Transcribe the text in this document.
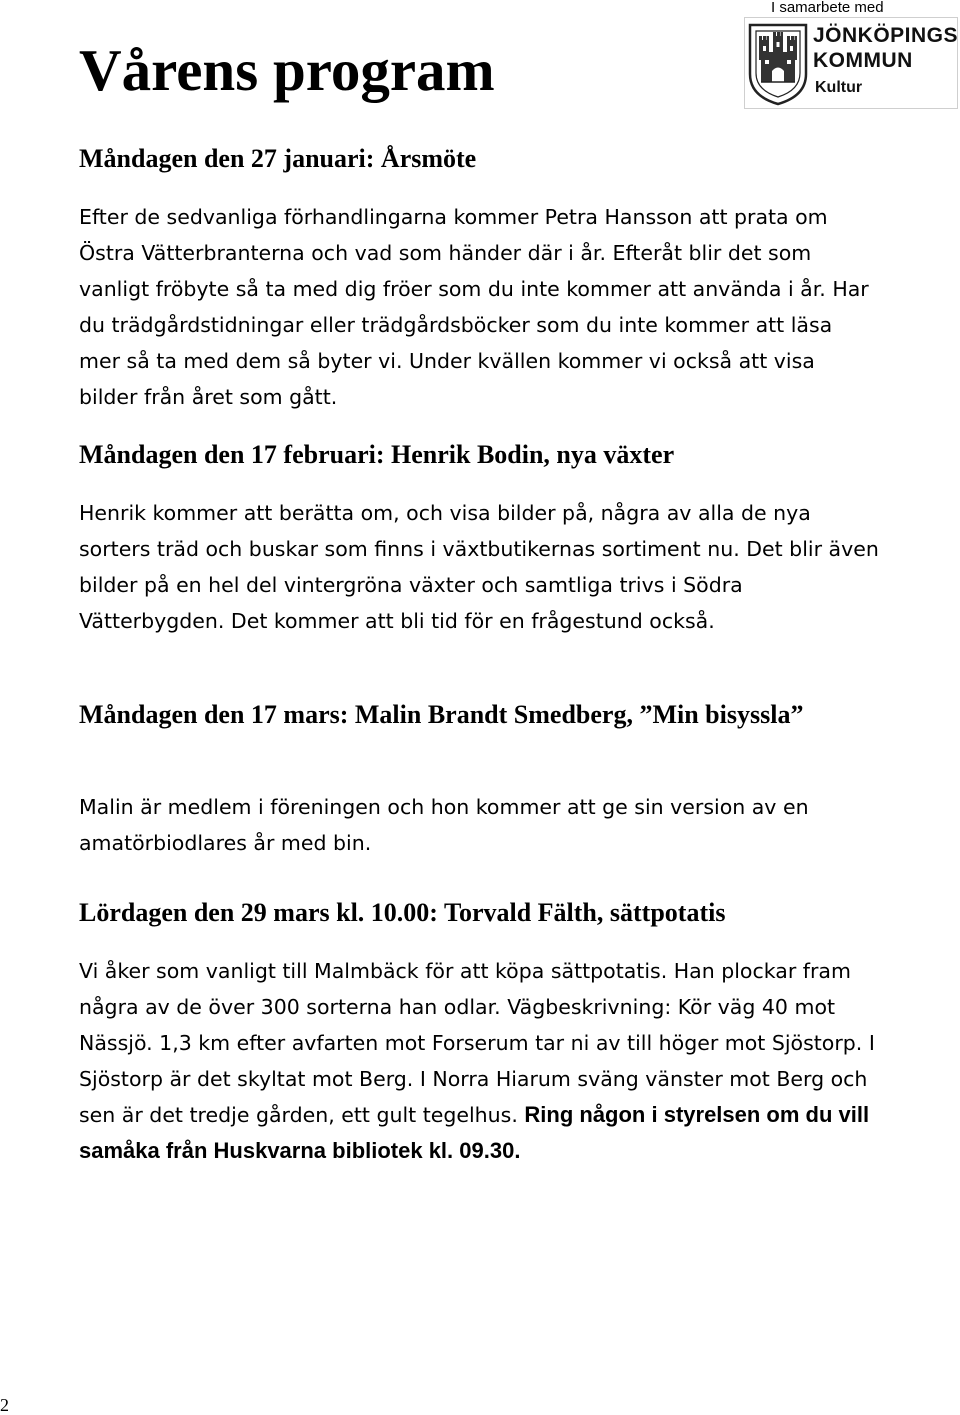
I samarbete med
JÖNKÖPINGS
KOMMUN
Kultur
Vårens program
Måndagen den 27 januari: Årsmöte

Efter de sedvanliga förhandlingarna kommer Petra Hansson att prata om Östra Vätterbranterna och vad som händer där i år. Efteråt blir det som vanligt fröbyte så ta med dig fröer som du inte kommer att använda i år. Har du trädgårdstidningar eller trädgårdsböcker som du inte kommer att läsa mer så ta med dem så byter vi. Under kvällen kommer vi också att visa bilder från året som gått.

Måndagen den 17 februari: Henrik Bodin, nya växter

Henrik kommer att berätta om, och visa bilder på, några av alla de nya sorters träd och buskar som finns i växtbutikernas sortiment nu. Det blir även bilder på en hel del vintergröna växter och samtliga trivs i Södra Vätterbygden. Det kommer att bli tid för en frågestund också.

Måndagen den 17 mars: Malin Brandt Smedberg, ”Min bisyssla”

Malin är medlem i föreningen och hon kommer att ge sin version av en amatörbiodlares år med bin.

Lördagen den 29 mars kl. 10.00: Torvald Fälth, sättpotatis

Vi åker som vanligt till Malmbäck för att köpa sättpotatis. Han plockar fram några av de över 300 sorterna han odlar. Vägbeskrivning: Kör väg 40 mot Nässjö. 1,3 km efter avfarten mot Forserum tar ni av till höger mot Sjöstorp. I Sjöstorp är det skyltat mot Berg. I Norra Hiarum sväng vänster mot Berg och sen är det tredje gården, ett gult tegelhus. Ring någon i styrelsen om du vill samåka från Huskvarna bibliotek kl. 09.30.

2
